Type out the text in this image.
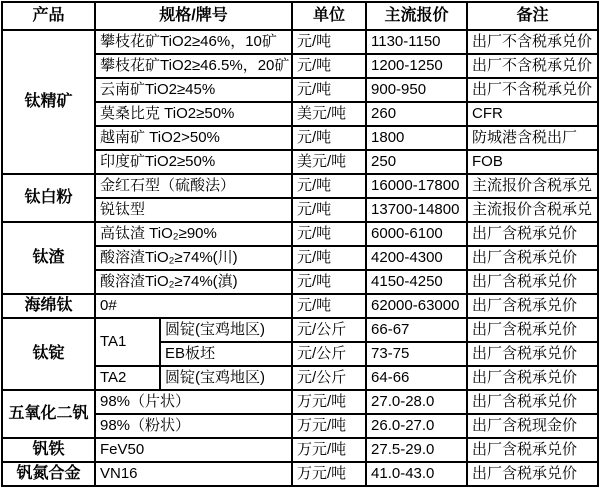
产品	规格/牌号		单位	主流报价	备注
钛精矿	攀枝花矿TiO2≥46%，10矿		元/吨	1130-1150	出厂不含税承兑价
	攀枝花矿TiO2≥46.5%，20矿		元/吨	1200-1250	出厂不含税承兑价
	云南矿TiO2≥45%		元/吨	900-950	出厂不含税承兑价
	莫桑比克 TiO2≥50%		美元/吨	260	CFR
	越南矿 TiO2>50%		元/吨	1800	防城港含税出厂
	印度矿TiO2≥50%		美元/吨	250	FOB
钛白粉	金红石型（硫酸法）		元/吨	16000-17800	主流报价含税承兑
	锐钛型		元/吨	13700-14800	主流报价含税承兑
钛渣	高钛渣 TiO₂≥90%		元/吨	6000-6100	出厂含税承兑价
	酸溶渣TiO₂≥74%(川)		元/吨	4200-4300	出厂含税承兑价
	酸溶渣TiO₂≥74%(滇)		元/吨	4150-4250	出厂含税承兑价
海绵钛	0#		元/吨	62000-63000	出厂含税承兑价
钛锭	TA1	圆锭(宝鸡地区)	元/公斤	66-67	出厂含税承兑价
		EB板坯	元/公斤	73-75	出厂含税承兑价
	TA2	圆锭(宝鸡地区)	元/公斤	64-66	出厂含税承兑价
五氧化二钒	98%（片状）		万元/吨	27.0-28.0	出厂含税承兑价
	98%（粉状）		万元/吨	26.0-27.0	出厂含税现金价
钒铁	FeV50		万元/吨	27.5-29.0	出厂含税承兑价
钒氮合金	VN16		万元/吨	41.0-43.0	出厂含税承兑价
